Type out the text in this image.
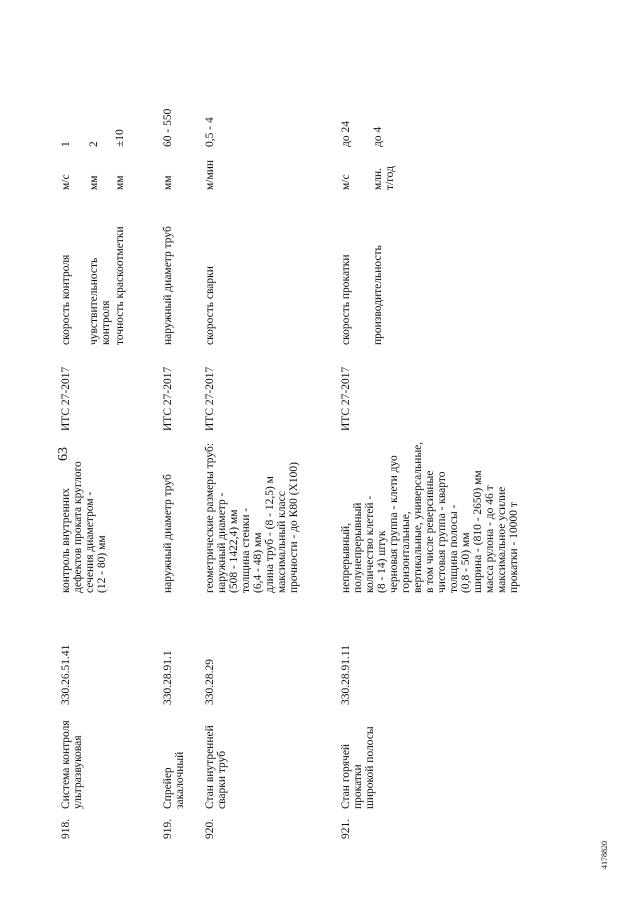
63
4178820
918.
Система контроля ультразвуковая
330.26.51.41
контроль внутренних дефектов проката круглого сечения диаметром - (12 - 80) мм
ИТС 27-2017
скорость контроля
м/с
1
чувствительность контроля
мм
2
точность краскоотметки
мм
±10
919.
Спрейер закалочный
330.28.91.1
наружный диаметр труб
ИТС 27-2017
наружный диаметр труб
мм
60 - 550
920.
Стан внутренней сварки труб
330.28.29
геометрические размеры труб: наружный диаметр - (508 - 1422,4) мм толщина стенки - (6,4 - 48) мм длина труб - (8 - 12,5) м максимальный класс прочности - до К80 (Х100)
ИТС 27-2017
скорость сварки
м/мин
0,5 - 4
921.
Стан горячей прокатки широкой полосы
330.28.91.11
непрерывный, полунепрерывный количество клетей - (8 - 14) штук черновая группа - клети дуо горизонтальные, вертикальные, универсальные, в том числе реверсивные чистовая группа - кварто толщина полосы - (0,8 - 50) мм ширина - (810 - 2650) мм масса рулона - до 46 т максимальное усилие прокатки - 10000 т
ИТС 27-2017
скорость прокатки
м/с
до 24
производительность
млн. т/год
до 4
